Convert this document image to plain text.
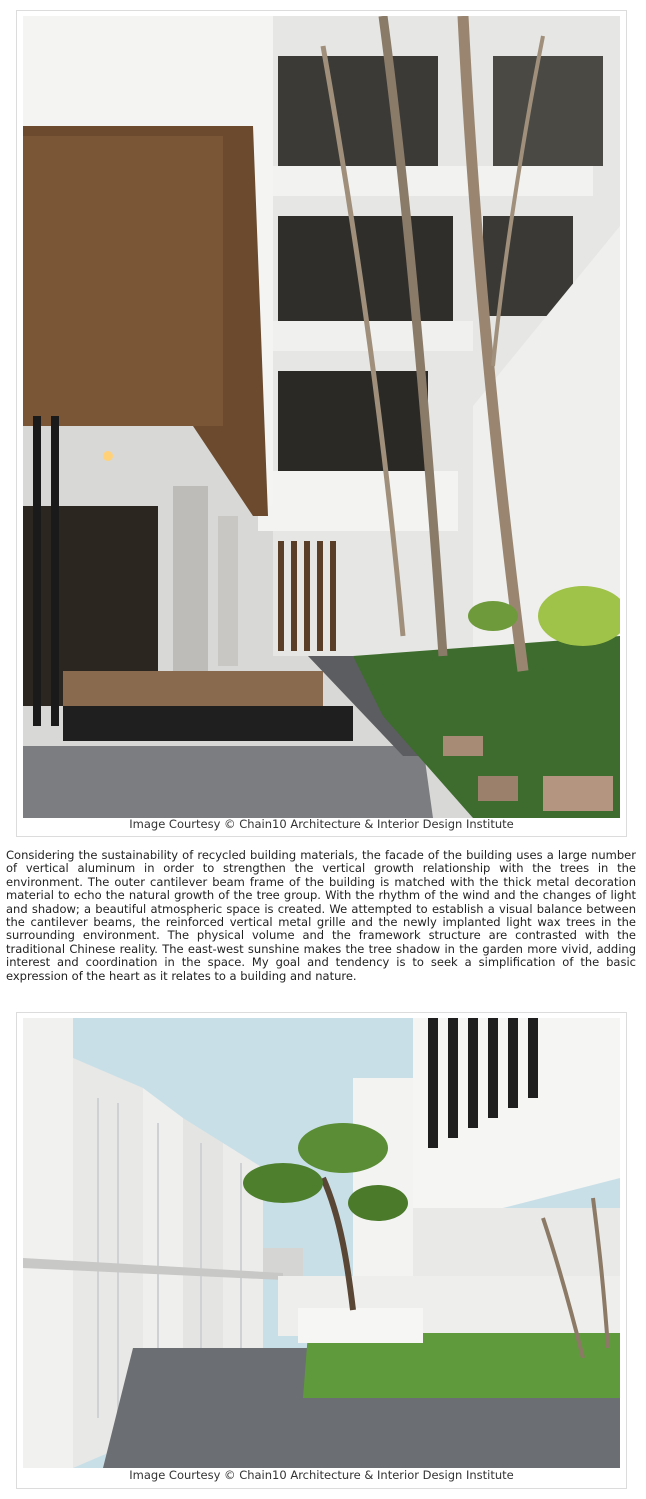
Image Courtesy © Chain10 Architecture & Interior Design Institute

Considering the sustainability of recycled building materials, the facade of the building uses a large number of vertical aluminum in order to strengthen the vertical growth relationship with the trees in the environment. The outer cantilever beam frame of the building is matched with the thick metal decoration material to echo the natural growth of the tree group. With the rhythm of the wind and the changes of light and shadow; a beautiful atmospheric space is created. We attempted to establish a visual balance between the cantilever beams, the reinforced vertical metal grille and the newly implanted light wax trees in the surrounding environment. The physical volume and the framework structure are contrasted with the traditional Chinese reality. The east-west sunshine makes the tree shadow in the garden more vivid, adding interest and coordination in the space. My goal and tendency is to seek a simplification of the basic expression of the heart as it relates to a building and nature.

Image Courtesy © Chain10 Architecture & Interior Design Institute
